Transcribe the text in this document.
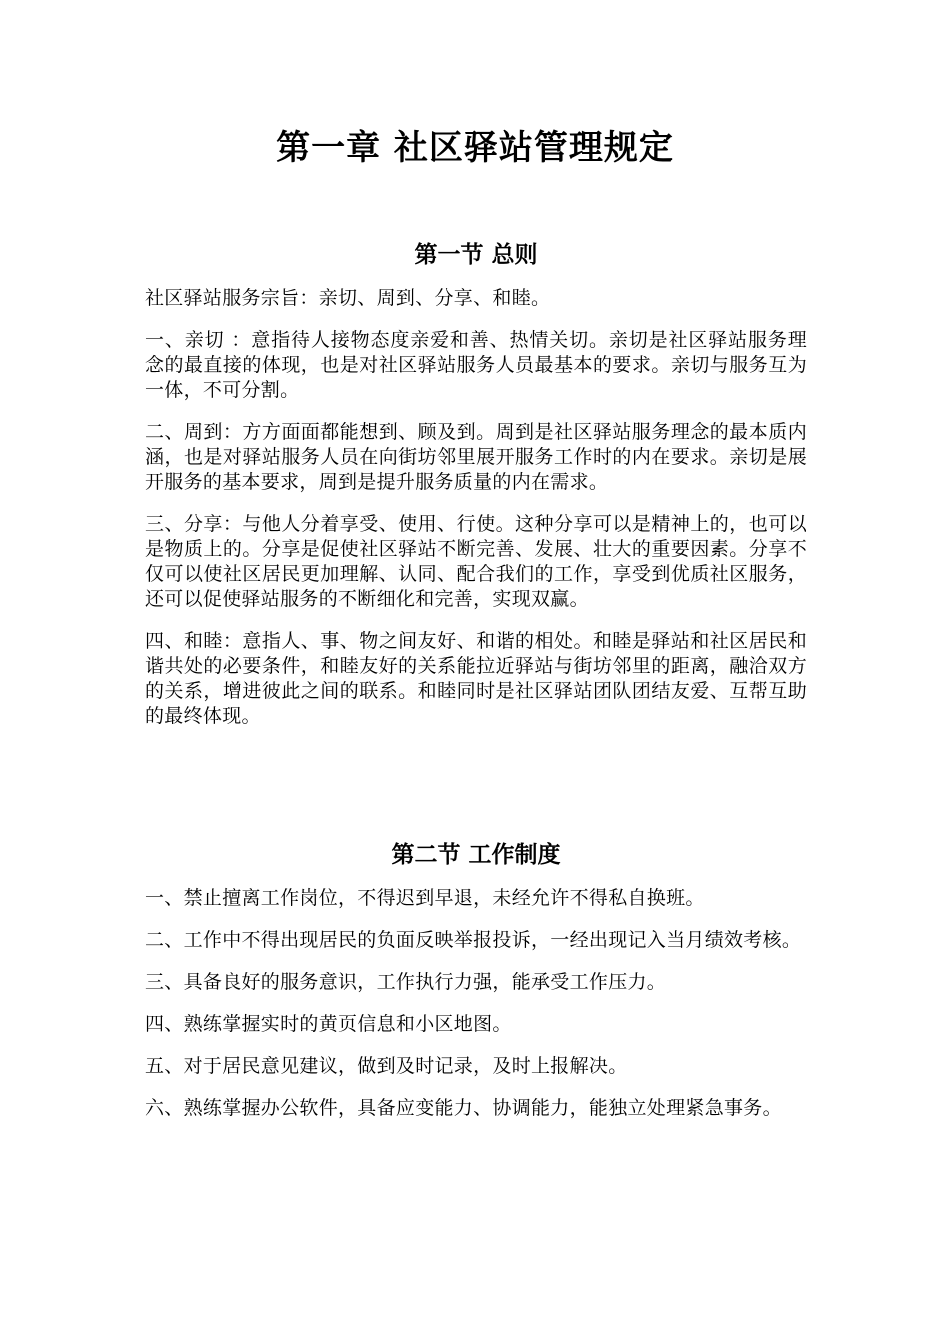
第一章 社区驿站管理规定
第一节 总则

社区驿站服务宗旨：亲切、周到、分享、和睦。

一、亲切 ：意指待人接物态度亲爱和善、热情关切。亲切是社区驿站服务理念的最直接的体现，也是对社区驿站服务人员最基本的要求。亲切与服务互为一体，不可分割。

二、周到：方方面面都能想到、顾及到。周到是社区驿站服务理念的最本质内涵，也是对驿站服务人员在向街坊邻里展开服务工作时的内在要求。亲切是展开服务的基本要求，周到是提升服务质量的内在需求。

三、分享：与他人分着享受、使用、行使。这种分享可以是精神上的，也可以是物质上的。分享是促使社区驿站不断完善、发展、壮大的重要因素。分享不仅可以使社区居民更加理解、认同、配合我们的工作，享受到优质社区服务，还可以促使驿站服务的不断细化和完善，实现双赢。

四、和睦：意指人、事、物之间友好、和谐的相处。和睦是驿站和社区居民和谐共处的必要条件，和睦友好的关系能拉近驿站与街坊邻里的距离，融洽双方的关系，增进彼此之间的联系。和睦同时是社区驿站团队团结友爱、互帮互助的最终体现。

第二节 工作制度

一、禁止擅离工作岗位，不得迟到早退，未经允许不得私自换班。

二、工作中不得出现居民的负面反映举报投诉，一经出现记入当月绩效考核。

三、具备良好的服务意识，工作执行力强，能承受工作压力。

四、熟练掌握实时的黄页信息和小区地图。

五、对于居民意见建议，做到及时记录，及时上报解决。

六、熟练掌握办公软件，具备应变能力、协调能力，能独立处理紧急事务。
